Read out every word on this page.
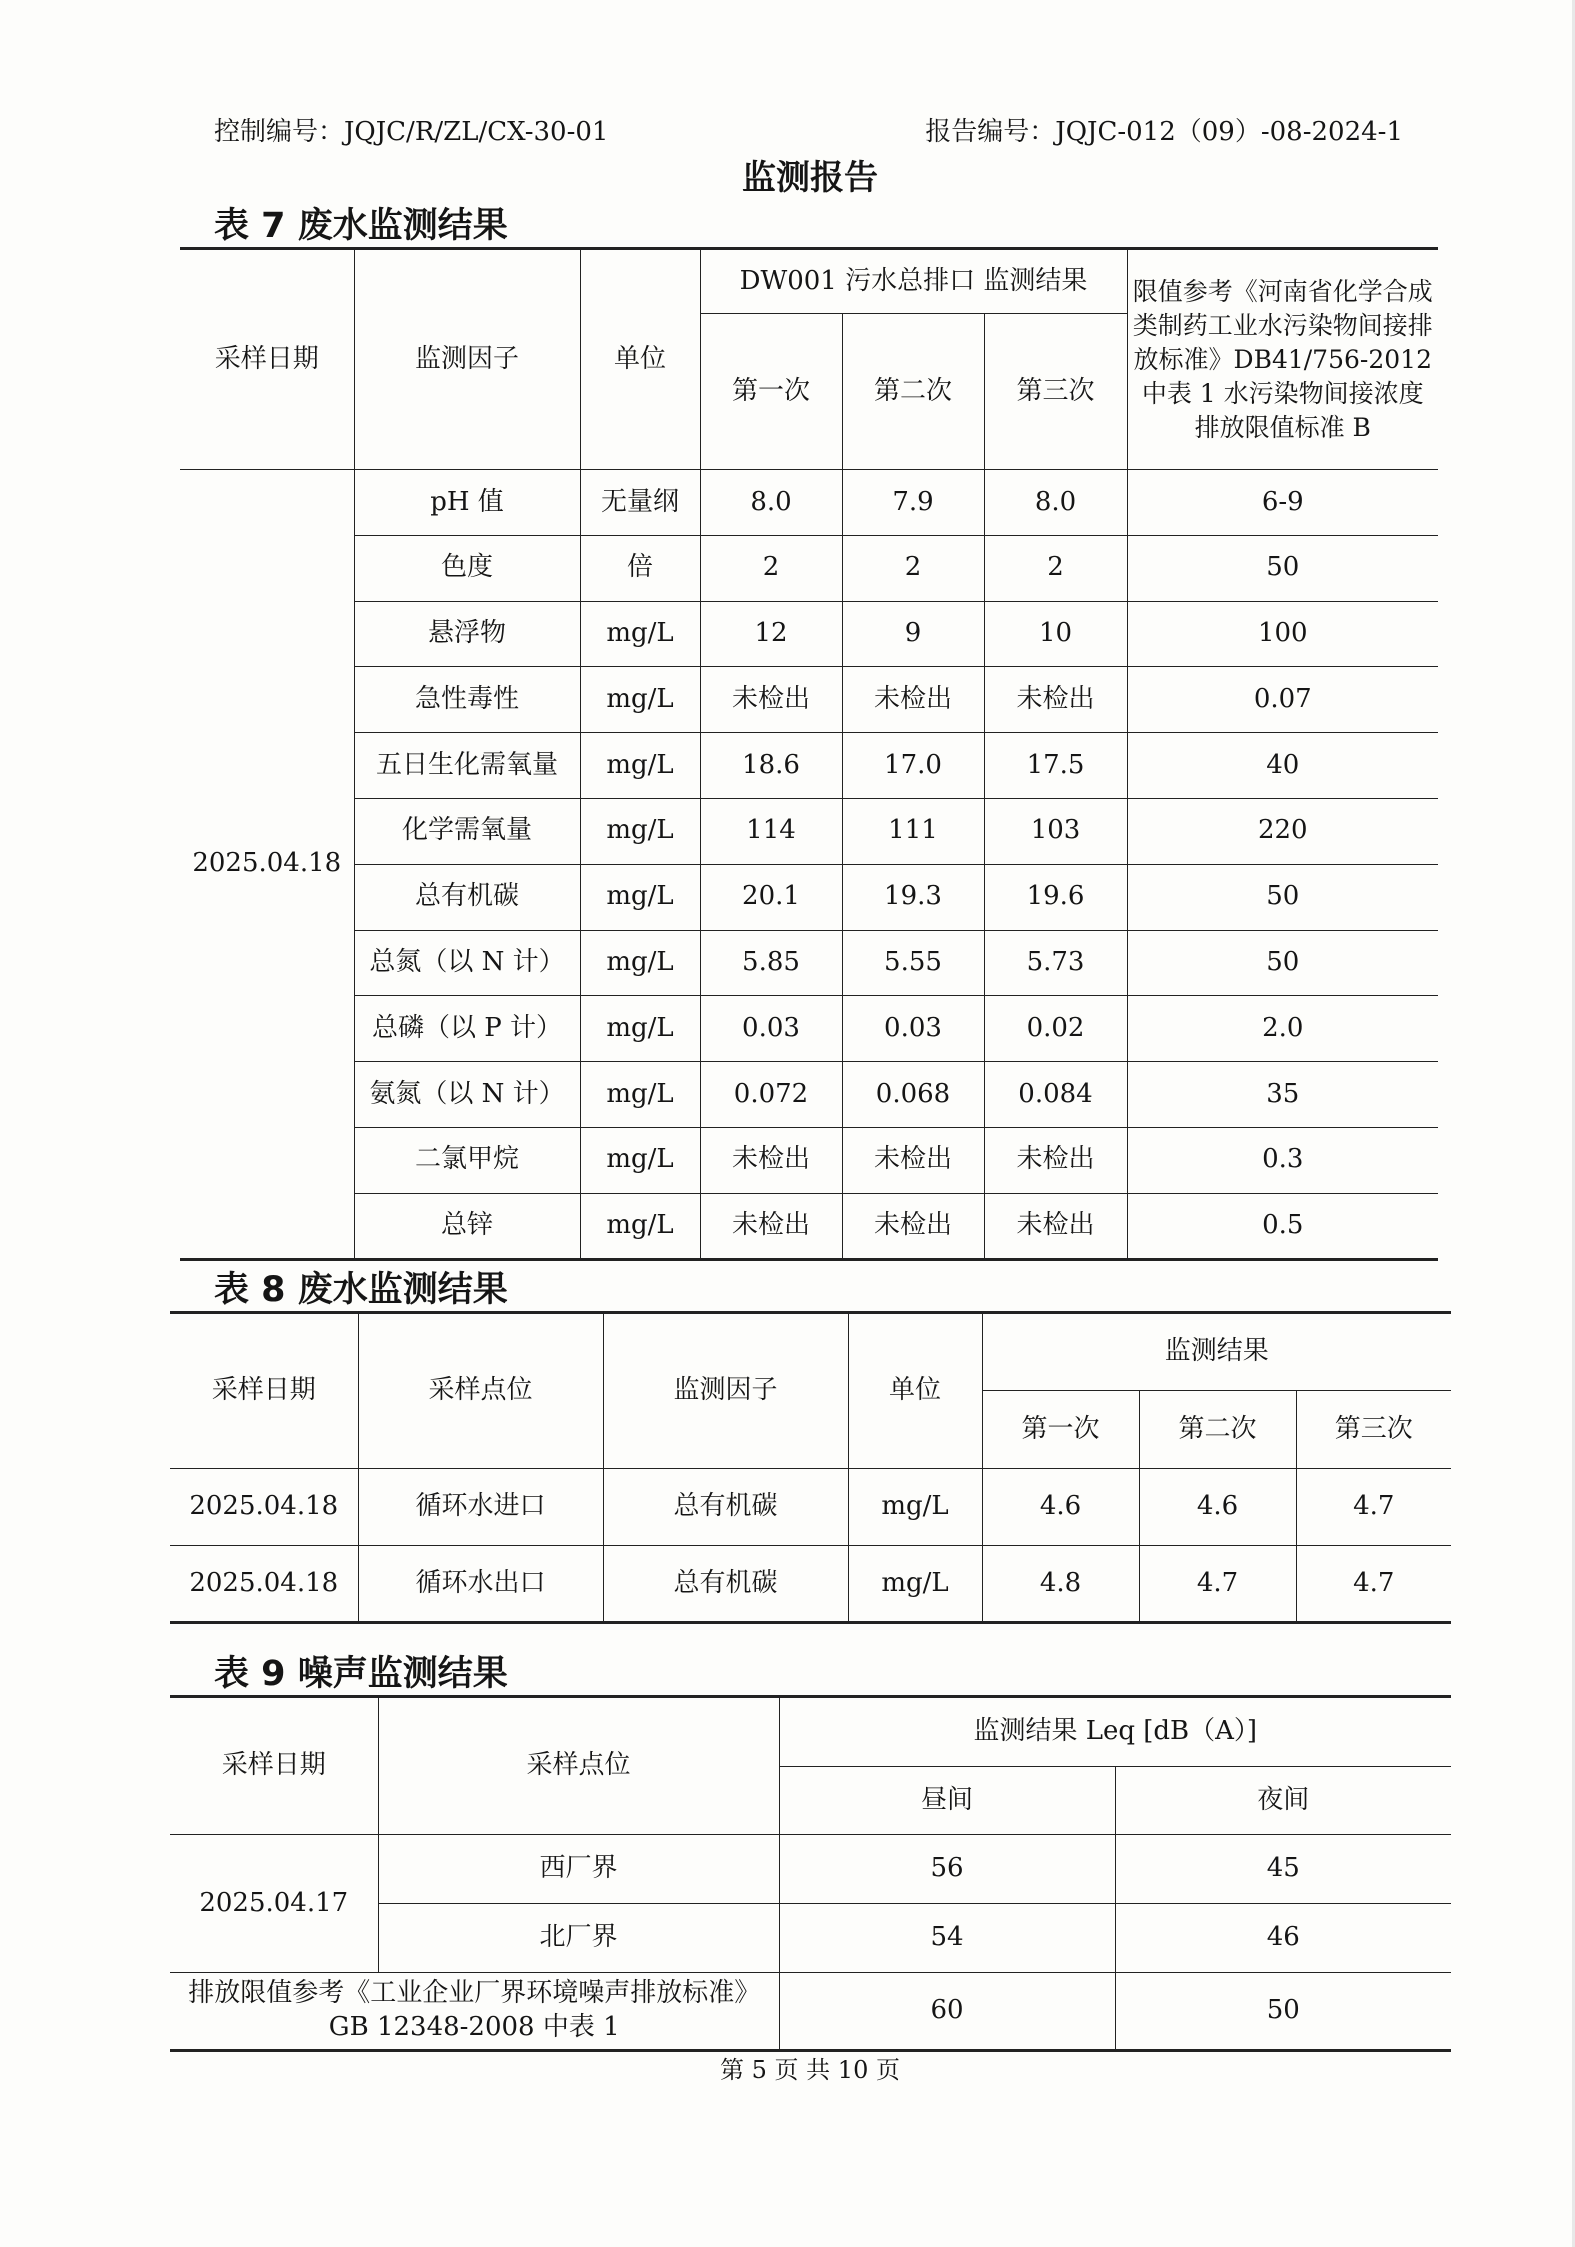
控制编号：JQJC/R/ZL/CX-30-01	报告编号：JQJC-012（09）-08-2024-1
监测报告
表 7 废水监测结果
采样日期	监测因子	单位	DW001 污水总排口 监测结果			限值参考《河南省化学合成类制药工业水污染物间接排放标准》DB41/756-2012 中表 1 水污染物间接浓度排放限值标准 B
			第一次	第二次	第三次	
2025.04.18	pH 值	无量纲	8.0	7.9	8.0	6-9
	色度	倍	2	2	2	50
	悬浮物	mg/L	12	9	10	100
	急性毒性	mg/L	未检出	未检出	未检出	0.07
	五日生化需氧量	mg/L	18.6	17.0	17.5	40
	化学需氧量	mg/L	114	111	103	220
	总有机碳	mg/L	20.1	19.3	19.6	50
	总氮（以 N 计）	mg/L	5.85	5.55	5.73	50
	总磷（以 P 计）	mg/L	0.03	0.03	0.02	2.0
	氨氮（以 N 计）	mg/L	0.072	0.068	0.084	35
	二氯甲烷	mg/L	未检出	未检出	未检出	0.3
	总锌	mg/L	未检出	未检出	未检出	0.5
表 8 废水监测结果
采样日期	采样点位	监测因子	单位	监测结果		
				第一次	第二次	第三次
2025.04.18	循环水进口	总有机碳	mg/L	4.6	4.6	4.7
2025.04.18	循环水出口	总有机碳	mg/L	4.8	4.7	4.7
表 9 噪声监测结果
采样日期	采样点位	监测结果 Leq [dB（A）]	
		昼间	夜间
2025.04.17	西厂界	56	45
	北厂界	54	46
排放限值参考《工业企业厂界环境噪声排放标准》 GB 12348-2008 中表 1		60	50
第 5 页 共 10 页
